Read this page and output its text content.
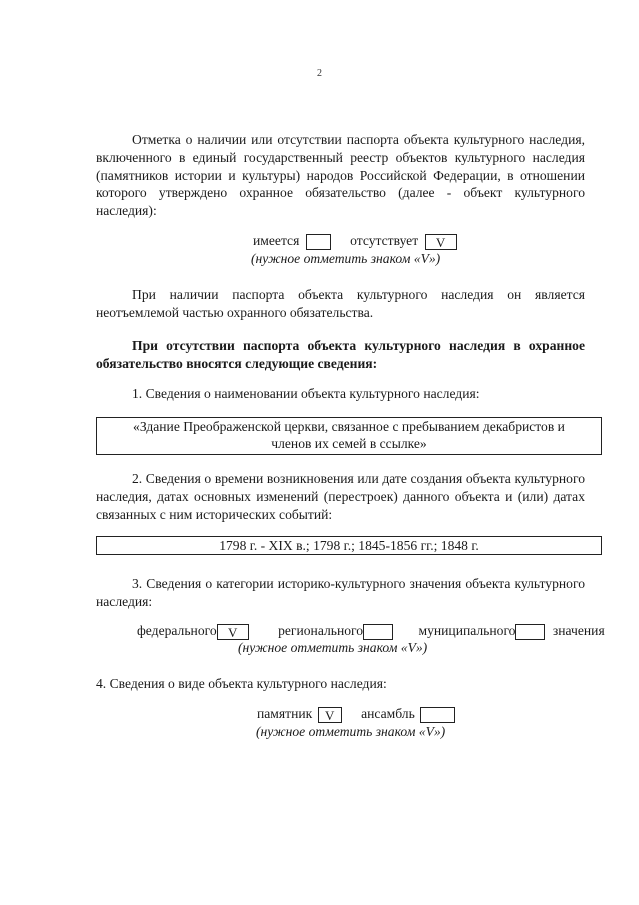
2
Отметка о наличии или отсутствии паспорта объекта культурного наследия, включенного в единый государственный реестр объектов культурного наследия (памятников истории и культуры) народов Российской Федерации, в отношении которого утверждено охранное обязательство (далее - объект культурного наследия):
имеется	отсутствует V
(нужное отметить знаком «V»)
При наличии паспорта объекта культурного наследия он является неотъемлемой частью охранного обязательства.
При отсутствии паспорта объекта культурного наследия в охранное обязательство вносятся следующие сведения:
1. Сведения о наименовании объекта культурного наследия:
«Здание Преображенской церкви, связанное с пребыванием декабристов и
членов их семей в ссылке»
2. Сведения о времени возникновения или дате создания объекта культурного наследия, датах основных изменений (перестроек) данного объекта и (или) датах связанных с ним исторических событий:
1798 г. - XIX в.; 1798 г.; 1845-1856 гг.; 1848 г.
3. Сведения о категории историко-культурного значения объекта культурного наследия:
федерального V	регионального	муниципального	значения
(нужное отметить знаком «V»)
4. Сведения о виде объекта культурного наследия:
памятник V ансамбль
(нужное отметить знаком «V»)
